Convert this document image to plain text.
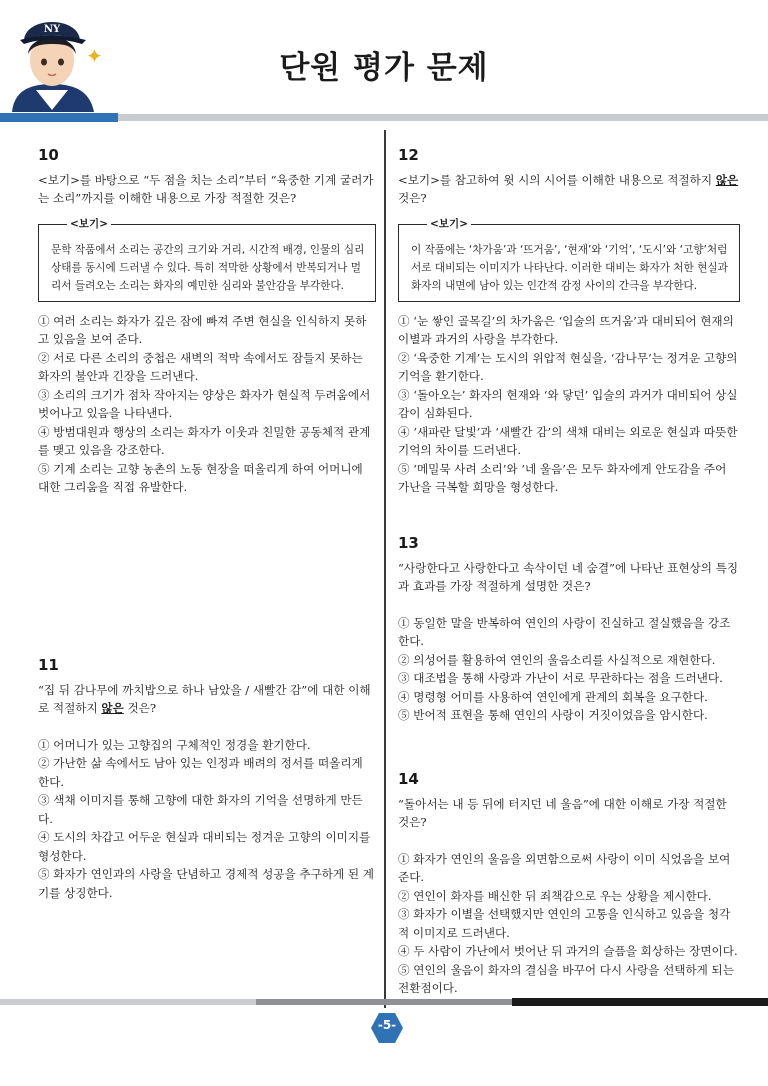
NY
✦	단원 평가 문제
10

<보기>를 바탕으로 “두 점을 치는 소리”부터 “육중한 기계 굴러가는 소리”까지를 이해한 내용으로 가장 적절한 것은?

<보기>
문학 작품에서 소리는 공간의 크기와 거리, 시간적 배경, 인물의 심리 상태를 동시에 드러낼 수 있다. 특히 적막한 상황에서 반복되거나 멀리서 들려오는 소리는 화자의 예민한 심리와 불안감을 부각한다.

① 여러 소리는 화자가 깊은 잠에 빠져 주변 현실을 인식하지 못하고 있음을 보여 준다.

② 서로 다른 소리의 중첩은 새벽의 적막 속에서도 잠들지 못하는 화자의 불안과 긴장을 드러낸다.

③ 소리의 크기가 점차 작아지는 양상은 화자가 현실적 두려움에서 벗어나고 있음을 나타낸다.

④ 방범대원과 행상의 소리는 화자가 이웃과 친밀한 공동체적 관계를 맺고 있음을 강조한다.

⑤ 기계 소리는 고향 농촌의 노동 현장을 떠올리게 하여 어머니에 대한 그리움을 직접 유발한다.

11

“집 뒤 감나무에 까치밥으로 하나 남았을 / 새빨간 감”에 대한 이해로 적절하지 않은 것은?

① 어머니가 있는 고향집의 구체적인 정경을 환기한다.

② 가난한 삶 속에서도 남아 있는 인정과 배려의 정서를 떠올리게 한다.

③ 색채 이미지를 통해 고향에 대한 화자의 기억을 선명하게 만든다.

④ 도시의 차갑고 어두운 현실과 대비되는 정겨운 고향의 이미지를 형성한다.

⑤ 화자가 연인과의 사랑을 단념하고 경제적 성공을 추구하게 된 계기를 상징한다.

12

<보기>를 참고하여 윗 시의 시어를 이해한 내용으로 적절하지 않은 것은?

<보기>
이 작품에는 ‘차가움’과 ‘뜨거움’, ‘현재’와 ‘기억’, ‘도시’와 ‘고향’처럼 서로 대비되는 이미지가 나타난다. 이러한 대비는 화자가 처한 현실과 화자의 내면에 남아 있는 인간적 감정 사이의 간극을 부각한다.

① ‘눈 쌓인 골목길’의 차가움은 ‘입술의 뜨거움’과 대비되어 현재의 이별과 과거의 사랑을 부각한다.

② ‘육중한 기계’는 도시의 위압적 현실을, ‘감나무’는 정겨운 고향의 기억을 환기한다.

③ ‘돌아오는’ 화자의 현재와 ‘와 닿던’ 입술의 과거가 대비되어 상실감이 심화된다.

④ ‘새파란 달빛’과 ‘새빨간 감’의 색채 대비는 외로운 현실과 따뜻한 기억의 차이를 드러낸다.

⑤ ‘메밀묵 사려 소리’와 ‘네 울음’은 모두 화자에게 안도감을 주어 가난을 극복할 희망을 형성한다.

13

“사랑한다고 사랑한다고 속삭이던 네 숨결”에 나타난 표현상의 특징과 효과를 가장 적절하게 설명한 것은?

① 동일한 말을 반복하여 연인의 사랑이 진실하고 절실했음을 강조한다.

② 의성어를 활용하여 연인의 울음소리를 사실적으로 재현한다.

③ 대조법을 통해 사랑과 가난이 서로 무관하다는 점을 드러낸다.

④ 명령형 어미를 사용하여 연인에게 관계의 회복을 요구한다.

⑤ 반어적 표현을 통해 연인의 사랑이 거짓이었음을 암시한다.

14

“돌아서는 내 등 뒤에 터지던 네 울음”에 대한 이해로 가장 적절한 것은?

① 화자가 연인의 울음을 외면함으로써 사랑이 이미 식었음을 보여 준다.

② 연인이 화자를 배신한 뒤 죄책감으로 우는 상황을 제시한다.

③ 화자가 이별을 선택했지만 연인의 고통을 인식하고 있음을 청각적 이미지로 드러낸다.

④ 두 사람이 가난에서 벗어난 뒤 과거의 슬픔을 회상하는 장면이다.

⑤ 연인의 울음이 화자의 결심을 바꾸어 다시 사랑을 선택하게 되는 전환점이다.

-5-
